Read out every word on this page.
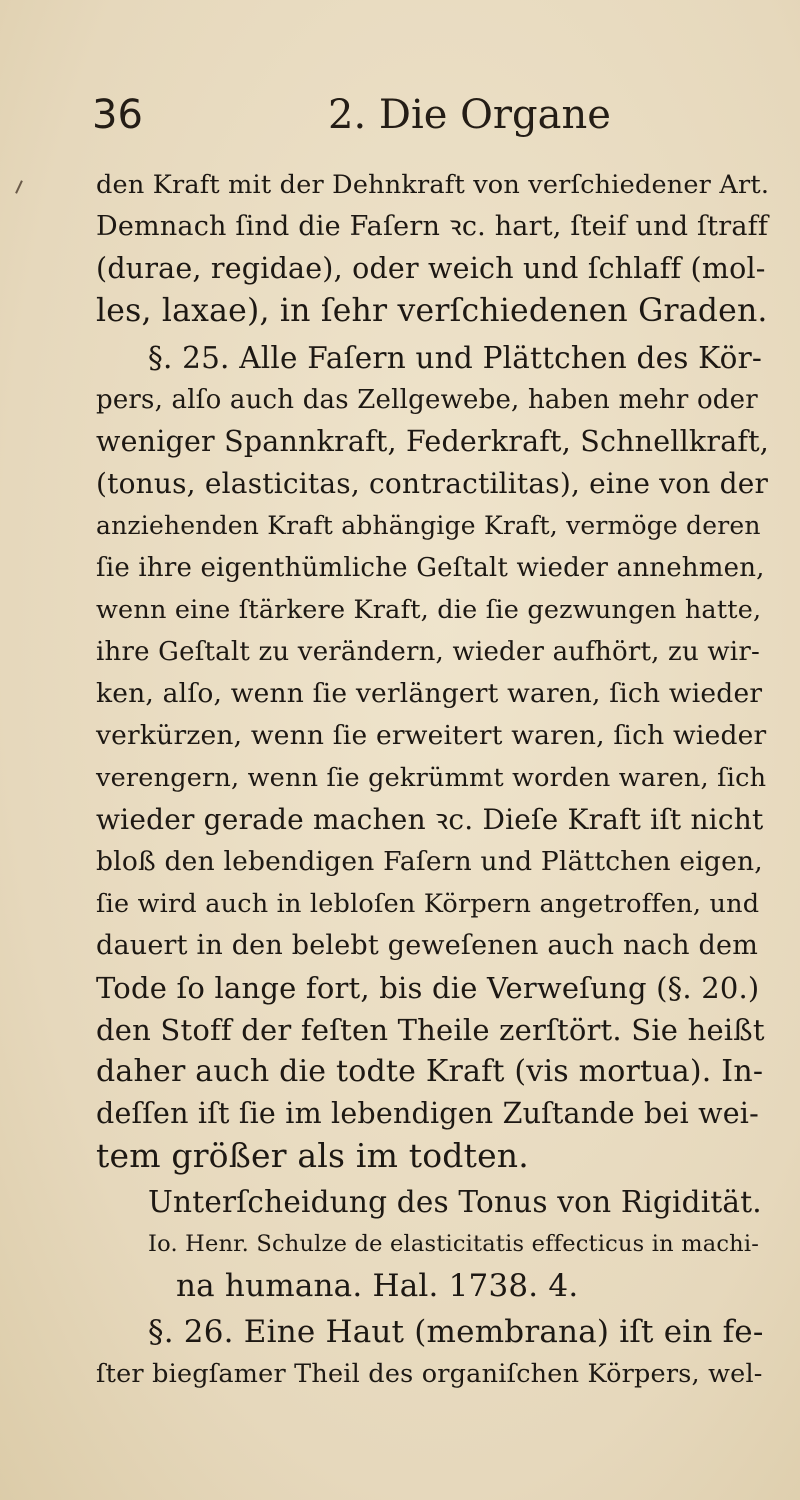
36	2. Die Organe
den Kraft mit der Dehnkraft von verſchiedener Art.
Demnach ſind die Faſern ꝛc. hart, ſteif und ſtraff
(durae, regidae), oder weich und ſchlaff (mol-
les, laxae), in ſehr verſchiedenen Graden.
§. 25. Alle Faſern und Plättchen des Kör-
pers, alſo auch das Zellgewebe, haben mehr oder
weniger Spannkraft, Federkraft, Schnellkraft,
(tonus, elasticitas, contractilitas), eine von der
anziehenden Kraft abhängige Kraft, vermöge deren
ſie ihre eigenthümliche Geſtalt wieder annehmen,
wenn eine ſtärkere Kraft, die ſie gezwungen hatte,
ihre Geſtalt zu verändern, wieder aufhört, zu wir-
ken, alſo, wenn ſie verlängert waren, ſich wieder
verkürzen, wenn ſie erweitert waren, ſich wieder
verengern, wenn ſie gekrümmt worden waren, ſich
wieder gerade machen ꝛc. Dieſe Kraft iſt nicht
bloß den lebendigen Faſern und Plättchen eigen,
ſie wird auch in lebloſen Körpern angetroffen, und
dauert in den belebt geweſenen auch nach dem
Tode ſo lange fort, bis die Verweſung (§. 20.)
den Stoff der feſten Theile zerſtört. Sie heißt
daher auch die todte Kraft (vis mortua). In-
deſſen iſt ſie im lebendigen Zuſtande bei wei-
tem größer als im todten.
Unterſcheidung des Tonus von Rigidität.
Io. Henr. Schulze de elasticitatis effecticus in machi-
na humana. Hal. 1738. 4.
§. 26. Eine Haut (membrana) iſt ein fe-
ſter biegſamer Theil des organiſchen Körpers, wel-
